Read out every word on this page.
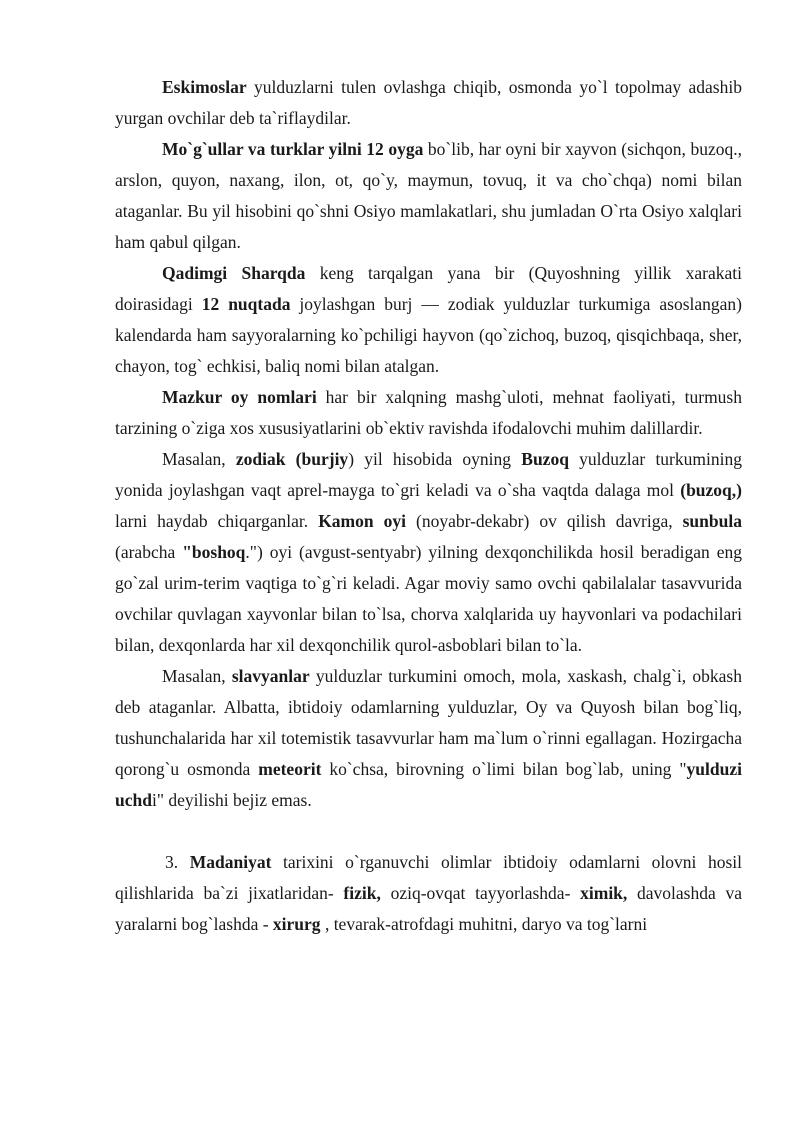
Eskimoslar yulduzlarni tulen ovlashga chiqib, osmonda yo`l topolmay adashib yurgan ovchilar deb ta`riflaydilar.

Mo`g`ullar va turklar yilni 12 oyga bo`lib, har oyni bir xayvon (sichqon, buzoq., arslon, quyon, naxang, ilon, ot, qo`y, maymun, tovuq, it va cho`chqa) nomi bilan ataganlar. Bu yil hisobini qo`shni Osiyo mamlakatlari, shu jumladan O`rta Osiyo xalqlari ham qabul qilgan.

Qadimgi Sharqda keng tarqalgan yana bir (Quyoshning yillik xarakati doirasidagi 12 nuqtada joylashgan burj — zodiak yulduzlar turkumiga asoslangan) kalendarda ham sayyoralarning ko`pchiligi hayvon (qo`zichoq, buzoq, qisqichbaqa, sher, chayon, tog` echkisi, baliq nomi bilan atalgan.

Mazkur oy nomlari har bir xalqning mashg`uloti, mehnat faoliyati, turmush tarzining o`ziga xos xususiyatlarini ob`ektiv ravishda ifodalovchi muhim dalillardir.

Masalan, zodiak (burjiy) yil hisobida oyning Buzoq yulduzlar turkumining yonida joylashgan vaqt aprel-mayga to`gri keladi va o`sha vaqtda dalaga mol (buzoq,) larni haydab chiqarganlar. Kamon oyi (noyabr-dekabr) ov qilish davriga, sunbula (arabcha "boshoq.") oyi (avgust-sentyabr) yilning dexqonchilikda hosil beradigan eng go`zal urim-terim vaqtiga to`g`ri keladi. Agar moviy samo ovchi qabilalalar tasavvurida ovchilar quvlagan xayvonlar bilan to`lsa, chorva xalqlarida uy hayvonlari va podachilari bilan, dexqonlarda har xil dexqonchilik qurol-asboblari bilan to`la.

Masalan, slavyanlar yulduzlar turkumini omoch, mola, xaskash, chalg`i, obkash deb ataganlar. Albatta, ibtidoiy odamlarning yulduzlar, Oy va Quyosh bilan bog`liq, tushunchalarida har xil totemistik tasavvurlar ham ma`lum o`rinni egallagan. Hozirgacha qorong`u osmonda meteorit ko`chsa, birovning o`limi bilan bog`lab, uning "yulduzi uchdi" deyilishi bejiz emas.

3. Madaniyat tarixini o`rganuvchi olimlar ibtidoiy odamlarni olovni hosil qilishlarida ba`zi jixatlaridan- fizik, oziq-ovqat tayyorlashda- ximik, davolashda va yaralarni bog`lashda - xirurg , tevarak-atrofdagi muhitni, daryo va tog`larni
